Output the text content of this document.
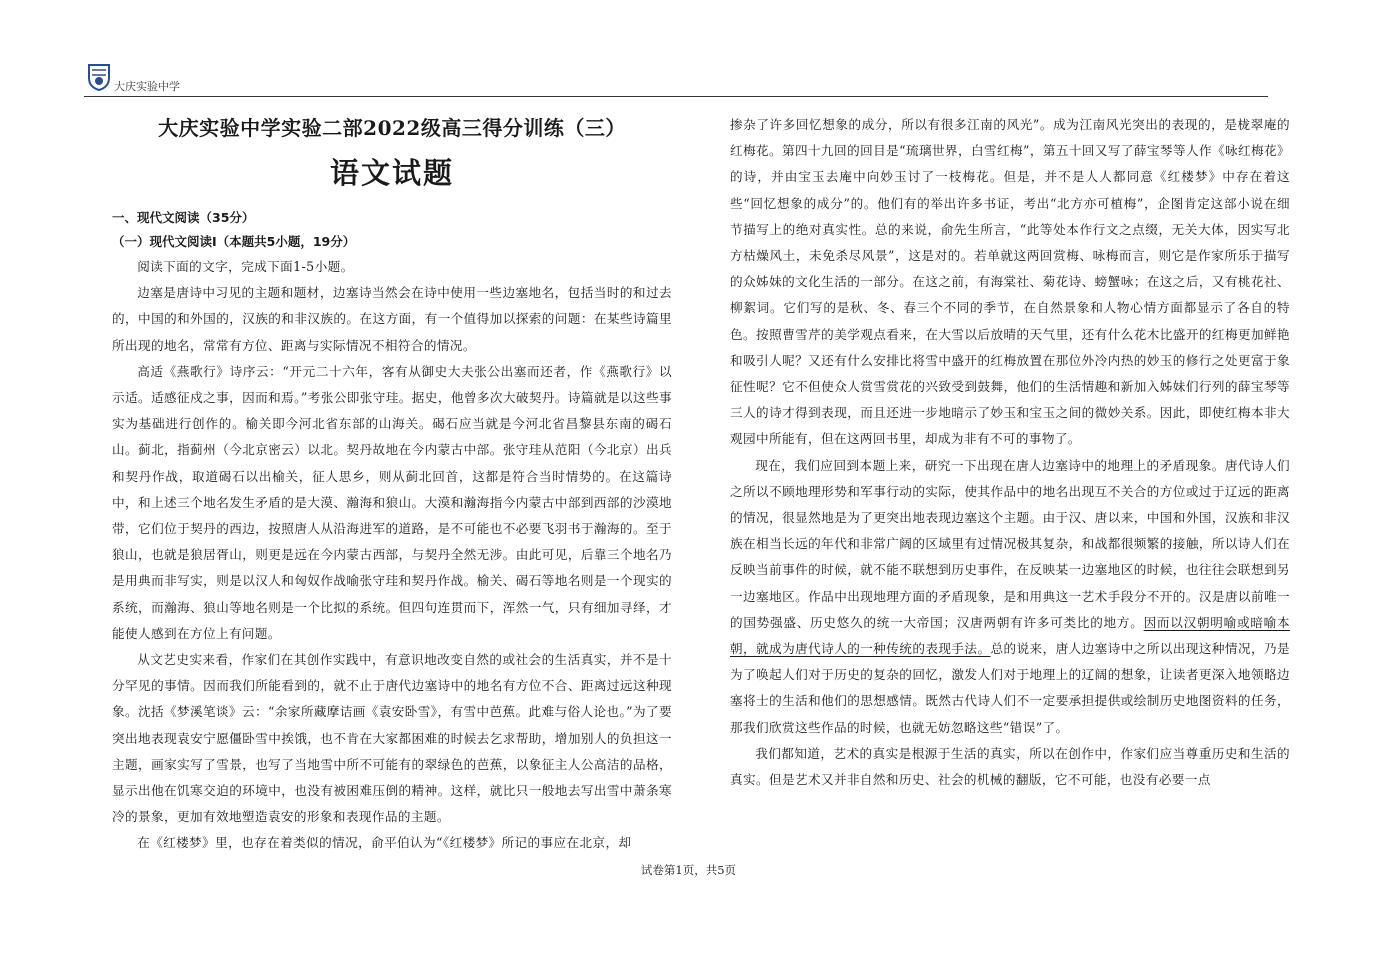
大庆实验中学
大庆实验中学实验二部2022级高三得分训练（三）
语文试题

一、现代文阅读（35分）

（一）现代文阅读Ⅰ（本题共5小题，19分）

阅读下面的文字，完成下面1-5小题。

边塞是唐诗中习见的主题和题材，边塞诗当然会在诗中使用一些边塞地名，包括当时的和过去的，中国的和外国的，汉族的和非汉族的。在这方面，有一个值得加以探索的问题：在某些诗篇里所出现的地名，常常有方位、距离与实际情况不相符合的情况。

高适《燕歌行》诗序云：“开元二十六年，客有从御史大夫张公出塞而还者，作《燕歌行》以示适。适感征戍之事，因而和焉。”考张公即张守珪。据史，他曾多次大破契丹。诗篇就是以这些事实为基础进行创作的。榆关即今河北省东部的山海关。碣石应当就是今河北省昌黎县东南的碣石山。蓟北，指蓟州（今北京密云）以北。契丹故地在今内蒙古中部。张守珪从范阳（今北京）出兵和契丹作战，取道碣石以出榆关，征人思乡，则从蓟北回首，这都是符合当时情势的。在这篇诗中，和上述三个地名发生矛盾的是大漠、瀚海和狼山。大漠和瀚海指今内蒙古中部到西部的沙漠地带，它们位于契丹的西边，按照唐人从沿海进军的道路，是不可能也不必要飞羽书于瀚海的。至于狼山，也就是狼居胥山，则更是远在今内蒙古西部，与契丹全然无涉。由此可见，后靠三个地名乃是用典而非写实，则是以汉人和匈奴作战喻张守珪和契丹作战。榆关、碣石等地名则是一个现实的系统，而瀚海、狼山等地名则是一个比拟的系统。但四句连贯而下，浑然一气，只有细加寻绎，才能使人感到在方位上有问题。

从文艺史实来看，作家们在其创作实践中，有意识地改变自然的或社会的生活真实，并不是十分罕见的事情。因而我们所能看到的，就不止于唐代边塞诗中的地名有方位不合、距离过远这种现象。沈括《梦溪笔谈》云：“余家所藏摩诘画《袁安卧雪》，有雪中芭蕉。此难与俗人论也。”为了要突出地表现袁安宁愿僵卧雪中挨饿，也不肯在大家都困难的时候去乞求帮助，增加别人的负担这一主题，画家实写了雪景，也写了当地雪中所不可能有的翠绿色的芭蕉，以象征主人公高洁的品格，显示出他在饥寒交迫的环境中，也没有被困难压倒的精神。这样，就比只一般地去写出雪中萧条寒冷的景象，更加有效地塑造袁安的形象和表现作品的主题。

在《红楼梦》里，也存在着类似的情况，俞平伯认为“《红楼梦》所记的事应在北京，却

掺杂了许多回忆想象的成分，所以有很多江南的风光”。成为江南风光突出的表现的，是栊翠庵的红梅花。第四十九回的回目是“琉璃世界，白雪红梅”，第五十回又写了薛宝琴等人作《咏红梅花》的诗，并由宝玉去庵中向妙玉讨了一枝梅花。但是，并不是人人都同意《红楼梦》中存在着这些“回忆想象的成分”的。他们有的举出许多书证，考出“北方亦可植梅”，企图肯定这部小说在细节描写上的绝对真实性。总的来说，俞先生所言，“此等处本作行文之点缀，无关大体，因实写北方枯燥风土，未免杀尽风景”，这是对的。若单就这两回赏梅、咏梅而言，则它是作家所乐于描写的众姊妹的文化生活的一部分。在这之前，有海棠社、菊花诗、螃蟹咏；在这之后，又有桃花社、柳絮词。它们写的是秋、冬、春三个不同的季节，在自然景象和人物心情方面都显示了各自的特色。按照曹雪芹的美学观点看来，在大雪以后放晴的天气里，还有什么花木比盛开的红梅更加鲜艳和吸引人呢？又还有什么安排比将雪中盛开的红梅放置在那位外冷内热的妙玉的修行之处更富于象征性呢？它不但使众人赏雪赏花的兴致受到鼓舞，他们的生活情趣和新加入姊妹们行列的薛宝琴等三人的诗才得到表现，而且还进一步地暗示了妙玉和宝玉之间的微妙关系。因此，即使红梅本非大观园中所能有，但在这两回书里，却成为非有不可的事物了。

现在，我们应回到本题上来，研究一下出现在唐人边塞诗中的地理上的矛盾现象。唐代诗人们之所以不顾地理形势和军事行动的实际，使其作品中的地名出现互不关合的方位或过于辽远的距离的情况，很显然地是为了更突出地表现边塞这个主题。由于汉、唐以来，中国和外国，汉族和非汉族在相当长远的年代和非常广阔的区域里有过情况极其复杂，和战都很频繁的接触，所以诗人们在反映当前事件的时候，就不能不联想到历史事件，在反映某一边塞地区的时候，也往往会联想到另一边塞地区。作品中出现地理方面的矛盾现象，是和用典这一艺术手段分不开的。汉是唐以前唯一的国势强盛、历史悠久的统一大帝国；汉唐两朝有许多可类比的地方。因而以汉朝明喻或暗喻本朝，就成为唐代诗人的一种传统的表现手法。总的说来，唐人边塞诗中之所以出现这种情况，乃是为了唤起人们对于历史的复杂的回忆，激发人们对于地理上的辽阔的想象，让读者更深入地领略边塞将士的生活和他们的思想感情。既然古代诗人们不一定要承担提供或绘制历史地图资料的任务，那我们欣赏这些作品的时候，也就无妨忽略这些“错误”了。

我们都知道，艺术的真实是根源于生活的真实，所以在创作中，作家们应当尊重历史和生活的真实。但是艺术又并非自然和历史、社会的机械的翻版，它不可能，也没有必要一点

试卷第1页，共5页
